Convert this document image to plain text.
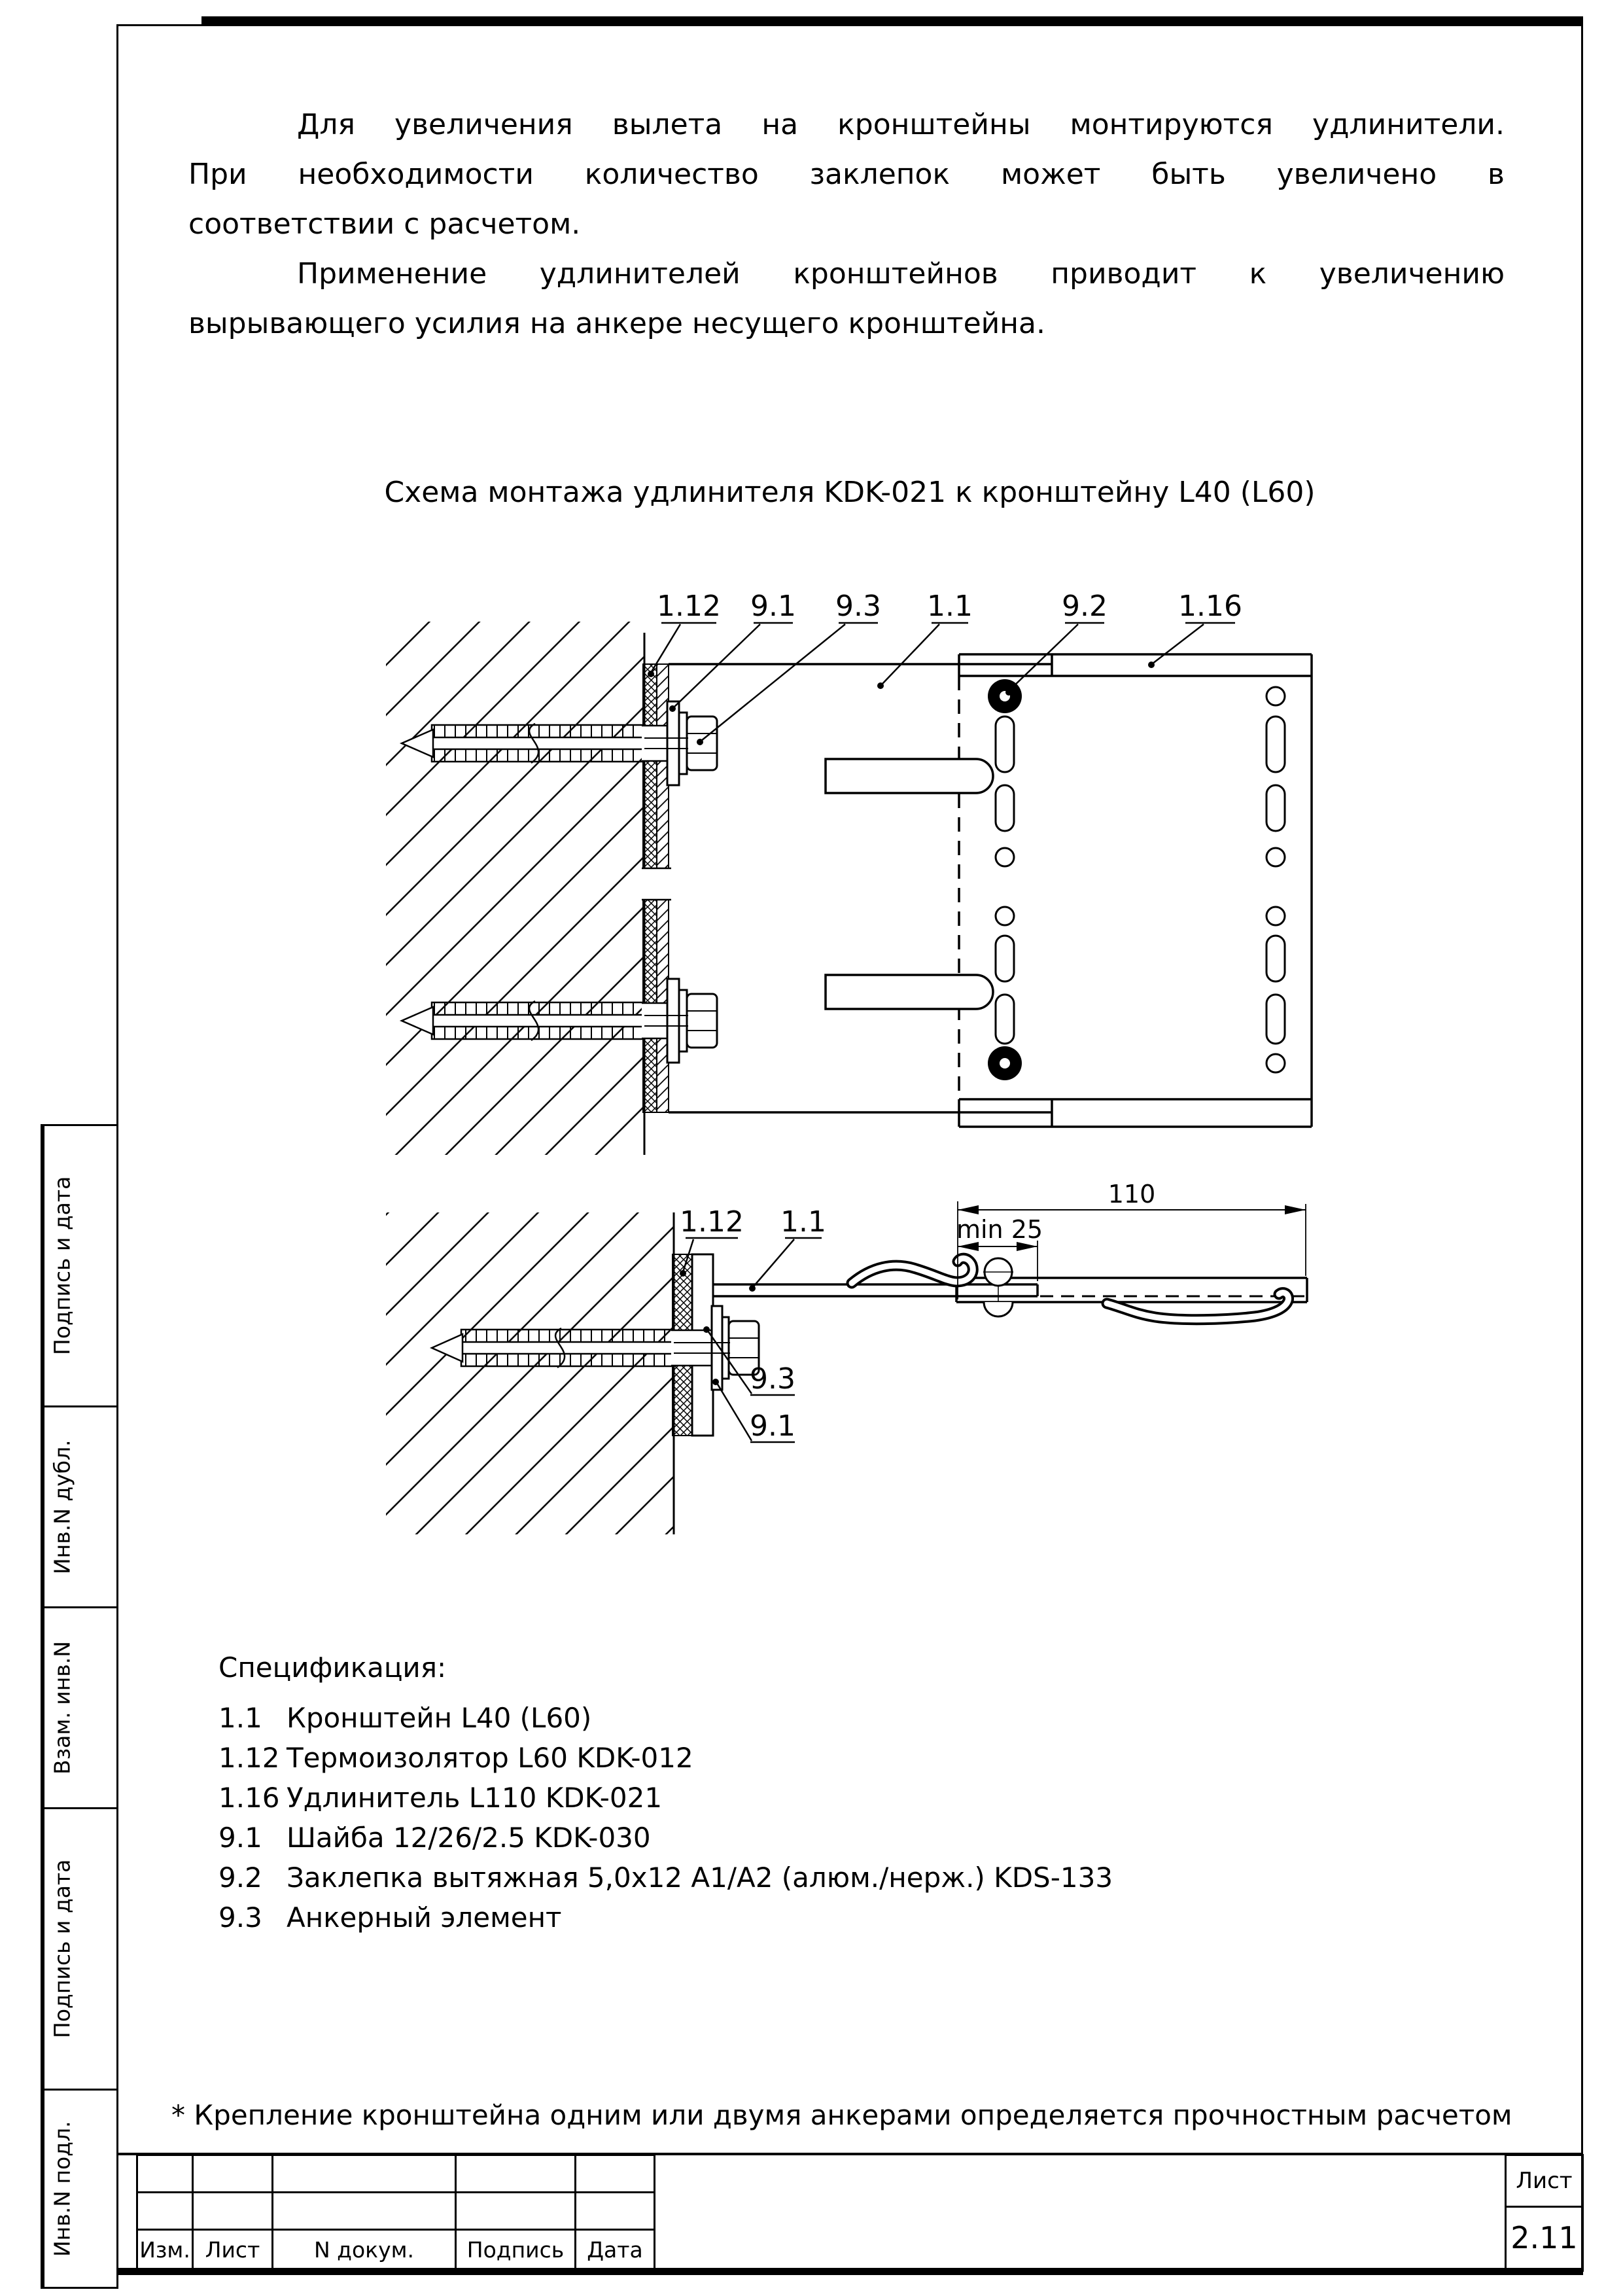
1.12 9.1 9.3 1.1	9.2 1.16
110
min 25
1.12 1.1
9.3
9.1
Для увеличения вылета на кронштейны монтируются удлинители.
При необходимости количество заклепок может быть увеличено в
соответствии с расчетом.
Применение удлинителей кронштейнов приводит к увеличению
вырывающего усилия на анкере несущего кронштейна.
Схема монтажа удлинителя KDK-021 к кронштейну L40 (L60)
Спецификация:
1.1 Кронштейн L40 (L60)
1.12 Термоизолятор L60 KDK-012
1.16 Удлинитель L110 KDK-021
9.1 Шайба 12/26/2.5 KDK-030
9.2 Заклепка вытяжная 5,0х12 А1/А2 (алюм./нерж.) KDS-133
9.3 Анкерный элемент
* Крепление кронштейна одним или двумя анкерами определяется прочностным расчетом
Подпись и дата
Инв.N дубл.
Взам. инв.N
Подпись и дата
Инв.N подл.	Изм. Лист	N докум.	Подпись	Дата
Лист
2.11
